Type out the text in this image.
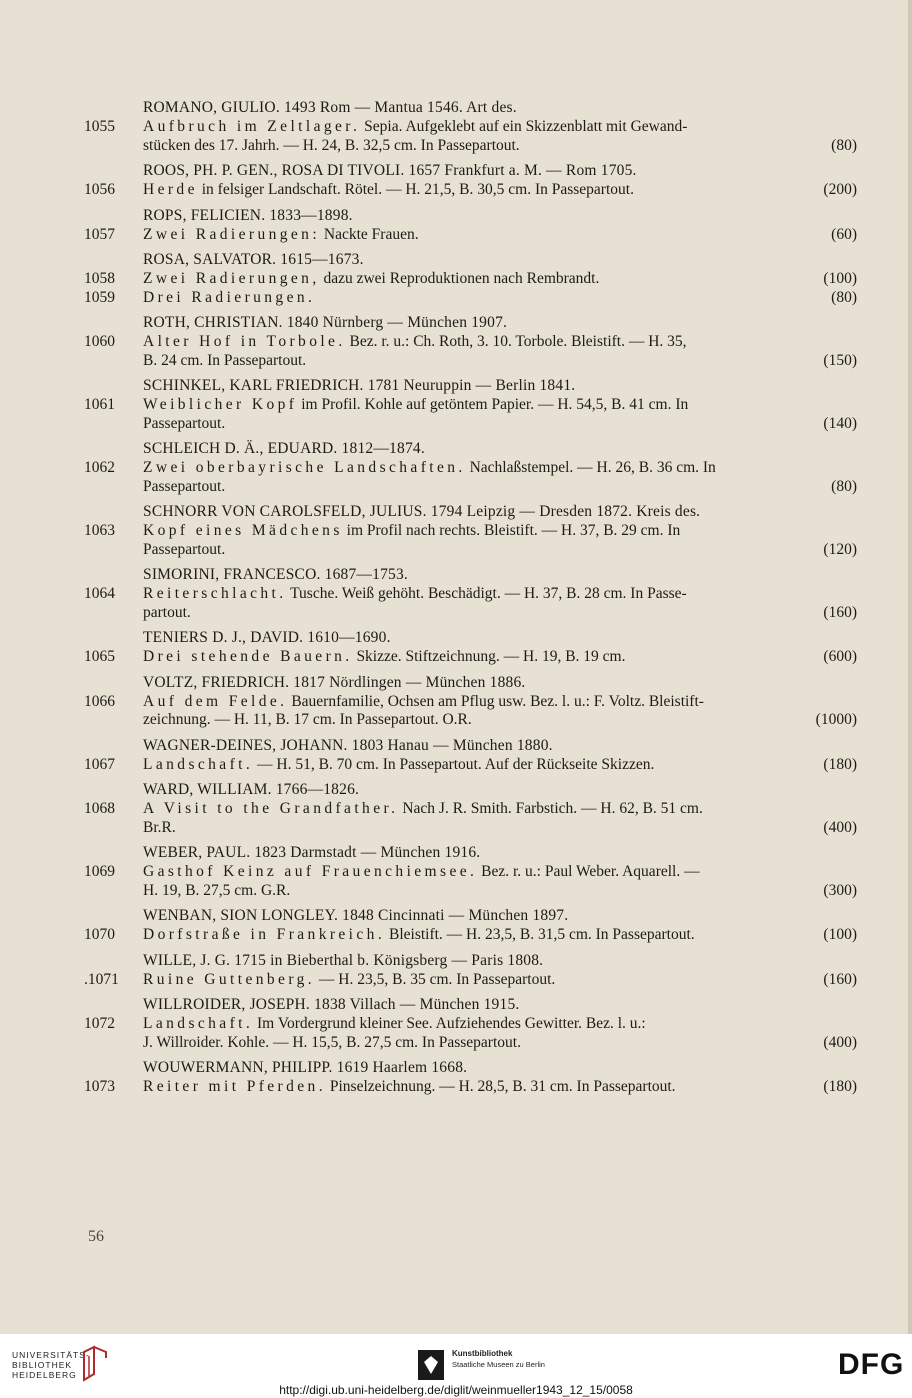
ROMANO, GIULIO. 1493 Rom — Mantua 1546. Art des.
1055	Aufbruch im Zeltlager. Sepia. Aufgeklebt auf ein Skizzenblatt mit Gewand-
stücken des 17. Jahrh. — H. 24, B. 32,5 cm. In Passepartout.	(80)
ROOS, PH. P. GEN., ROSA DI TIVOLI. 1657 Frankfurt a. M. — Rom 1705.
1056	Herde in felsiger Landschaft. Rötel. — H. 21,5, B. 30,5 cm. In Passepartout.	(200)
ROPS, FELICIEN. 1833—1898.
1057	Zwei Radierungen: Nackte Frauen.	(60)
ROSA, SALVATOR. 1615—1673.
1058	Zwei Radierungen, dazu zwei Reproduktionen nach Rembrandt.	(100)
1059	Drei Radierungen.	(80)
ROTH, CHRISTIAN. 1840 Nürnberg — München 1907.
1060	Alter Hof in Torbole. Bez. r. u.: Ch. Roth, 3. 10. Torbole. Bleistift. — H. 35,
B. 24 cm. In Passepartout.	(150)
SCHINKEL, KARL FRIEDRICH. 1781 Neuruppin — Berlin 1841.
1061	Weiblicher Kopf im Profil. Kohle auf getöntem Papier. — H. 54,5, B. 41 cm. In
Passepartout.	(140)
SCHLEICH D. Ä., EDUARD. 1812—1874.
1062	Zwei oberbayrische Landschaften. Nachlaßstempel. — H. 26, B. 36 cm. In
Passepartout.	(80)
SCHNORR VON CAROLSFELD, JULIUS. 1794 Leipzig — Dresden 1872. Kreis des.
1063	Kopf eines Mädchens im Profil nach rechts. Bleistift. — H. 37, B. 29 cm. In
Passepartout.	(120)
SIMORINI, FRANCESCO. 1687—1753.
1064	Reiterschlacht. Tusche. Weiß gehöht. Beschädigt. — H. 37, B. 28 cm. In Passe-
partout.	(160)
TENIERS D. J., DAVID. 1610—1690.
1065	Drei stehende Bauern. Skizze. Stiftzeichnung. — H. 19, B. 19 cm.	(600)
VOLTZ, FRIEDRICH. 1817 Nördlingen — München 1886.
1066	Auf dem Felde. Bauernfamilie, Ochsen am Pflug usw. Bez. l. u.: F. Voltz. Bleistift-
zeichnung. — H. 11, B. 17 cm. In Passepartout. O.R.	(1000)
WAGNER-DEINES, JOHANN. 1803 Hanau — München 1880.
1067	Landschaft. — H. 51, B. 70 cm. In Passepartout. Auf der Rückseite Skizzen.	(180)
WARD, WILLIAM. 1766—1826.
1068	A Visit to the Grandfather. Nach J. R. Smith. Farbstich. — H. 62, B. 51 cm.
Br.R.	(400)
WEBER, PAUL. 1823 Darmstadt — München 1916.
1069	Gasthof Keinz auf Frauenchiemsee. Bez. r. u.: Paul Weber. Aquarell. —
H. 19, B. 27,5 cm. G.R.	(300)
WENBAN, SION LONGLEY. 1848 Cincinnati — München 1897.
1070	Dorfstraße in Frankreich. Bleistift. — H. 23,5, B. 31,5 cm. In Passepartout.	(100)
WILLE, J. G. 1715 in Bieberthal b. Königsberg — Paris 1808.
.1071	Ruine Guttenberg. — H. 23,5, B. 35 cm. In Passepartout.	(160)
WILLROIDER, JOSEPH. 1838 Villach — München 1915.
1072	Landschaft. Im Vordergrund kleiner See. Aufziehendes Gewitter. Bez. l. u.:
J. Willroider. Kohle. — H. 15,5, B. 27,5 cm. In Passepartout.	(400)
WOUWERMANN, PHILIPP. 1619 Haarlem 1668.
1073	Reiter mit Pferden. Pinselzeichnung. — H. 28,5, B. 31 cm. In Passepartout.	(180)
56
UNIVERSITÄTS-
BIBLIOTHEK
HEIDELBERG
Kunstbibliothek
Staatliche Museen zu Berlin	DFG
http://digi.ub.uni-heidelberg.de/diglit/weinmueller1943_12_15/0058
